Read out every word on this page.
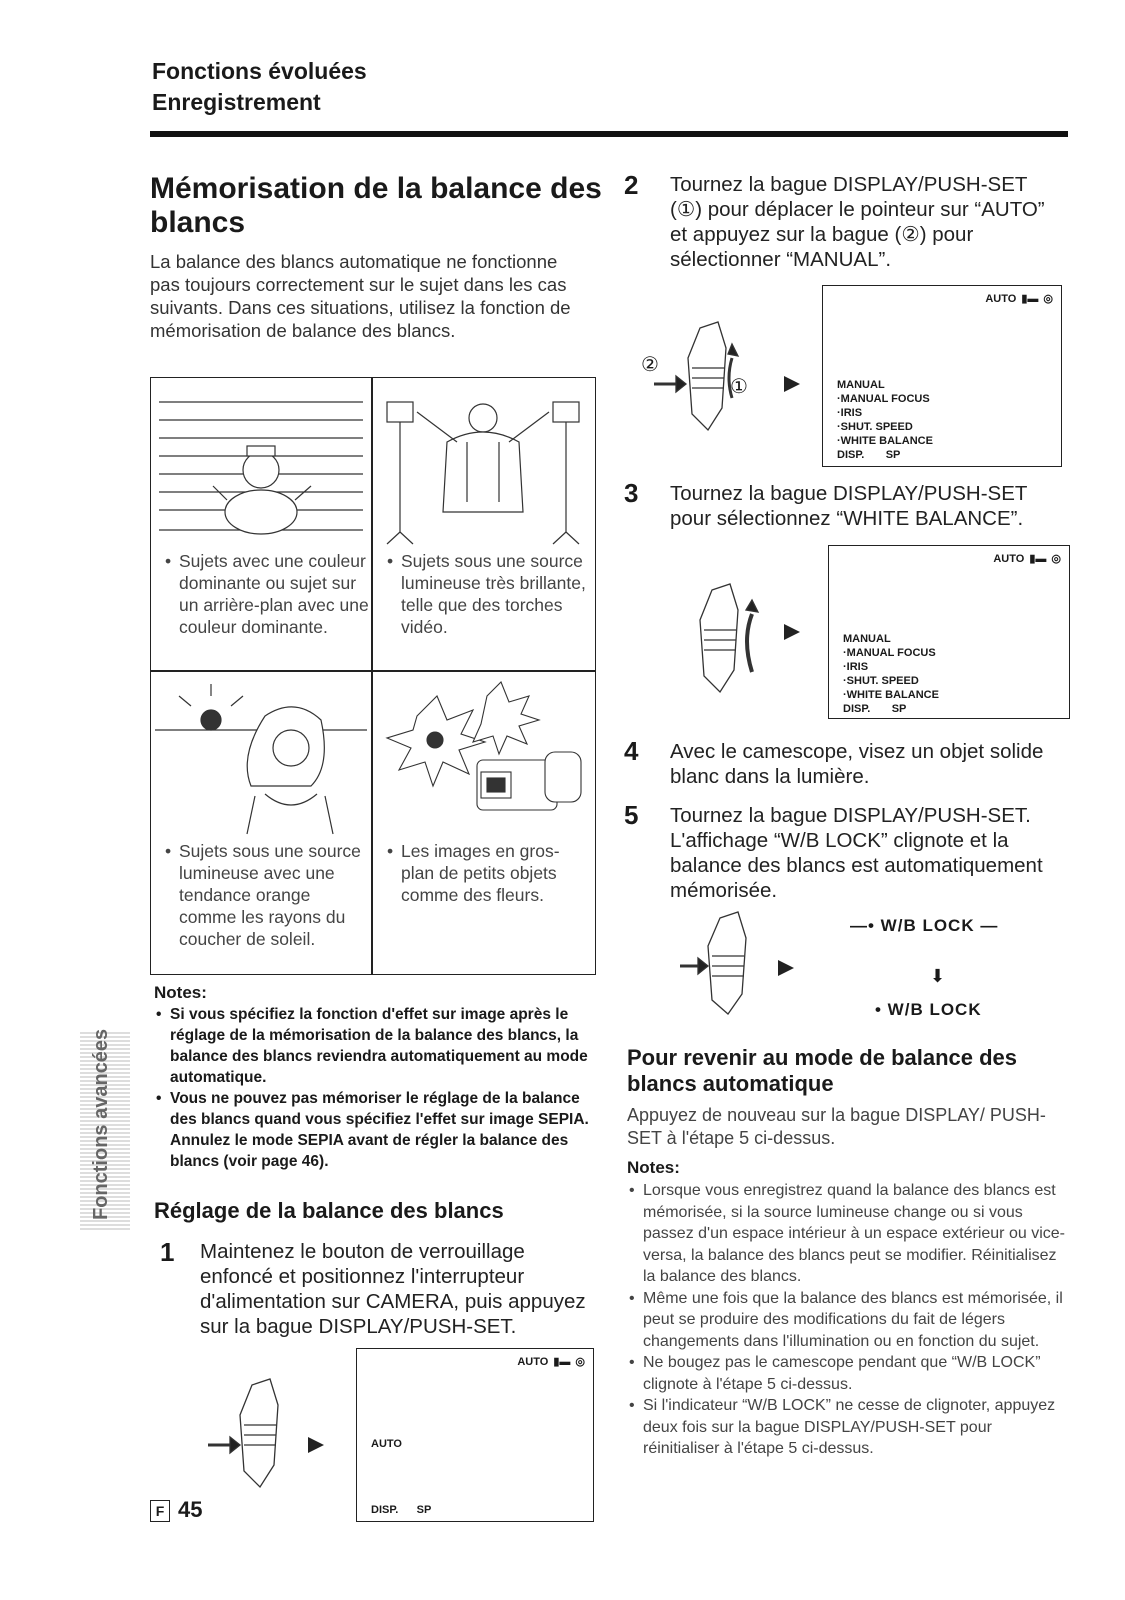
Fonctions évoluées
Enregistrement
Fonctions avancées
Mémorisation de la balance des blancs
La balance des blancs automatique ne fonctionne pas toujours correctement sur le sujet dans les cas suivants. Dans ces situations, utilisez la fonction de mémorisation de balance des blancs.
• Sujets avec une couleur dominante ou sujet sur un arrière-plan avec une couleur dominante.
• Sujets sous une source lumineuse très brillante, telle que des torches vidéo.
• Sujets sous une source lumineuse avec une tendance orange comme les rayons du coucher de soleil.
• Les images en gros-plan de petits objets comme des fleurs.
Notes:
• Si vous spécifiez la fonction d'effet sur image après le réglage de la mémorisation de la balance des blancs, la balance des blancs reviendra automatiquement au mode automatique.
• Vous ne pouvez pas mémoriser le réglage de la balance des blancs quand vous spécifiez l'effet sur image SEPIA. Annulez le mode SEPIA avant de régler la balance des blancs (voir page 46).
Réglage de la balance des blancs
1 Maintenez le bouton de verrouillage enfoncé et positionnez l'interrupteur d'alimentation sur CAMERA, puis appuyez sur la bague DISPLAY/PUSH-SET.
AUTO ▮▬ ◎
AUTO
DISP. SP
F 45
2 Tournez la bague DISPLAY/PUSH-SET (①) pour déplacer le pointeur sur “AUTO” et appuyez sur la bague (②) pour sélectionner “MANUAL”.
②
①
AUTO ▮▬ ◎
MANUAL
·MANUAL FOCUS
·IRIS
·SHUT. SPEED
·WHITE BALANCE
DISP. SP
3 Tournez la bague DISPLAY/PUSH-SET pour sélectionnez “WHITE BALANCE”.
AUTO ▮▬ ◎
MANUAL
·MANUAL FOCUS
·IRIS
·SHUT. SPEED
·WHITE BALANCE
DISP. SP
4 Avec le camescope, visez un objet solide blanc dans la lumière.
5 Tournez la bague DISPLAY/PUSH-SET. L'affichage “W/B LOCK” clignote et la balance des blancs est automatiquement mémorisée.
—• W/B LOCK —
⬇
• W/B LOCK
Pour revenir au mode de balance des blancs automatique
Appuyez de nouveau sur la bague DISPLAY/ PUSH-SET à l'étape 5 ci-dessus.
Notes:
• Lorsque vous enregistrez quand la balance des blancs est mémorisée, si la source lumineuse change ou si vous passez d'un espace intérieur à un espace extérieur ou vice-versa, la balance des blancs peut se modifier. Réinitialisez la balance des blancs.
• Même une fois que la balance des blancs est mémorisée, il peut se produire des modifications du fait de légers changements dans l'illumination ou en fonction du sujet.
• Ne bougez pas le camescope pendant que “W/B LOCK” clignote à l'étape 5 ci-dessus.
• Si l'indicateur “W/B LOCK” ne cesse de clignoter, appuyez deux fois sur la bague DISPLAY/PUSH-SET pour réinitialiser à l'étape 5 ci-dessus.
